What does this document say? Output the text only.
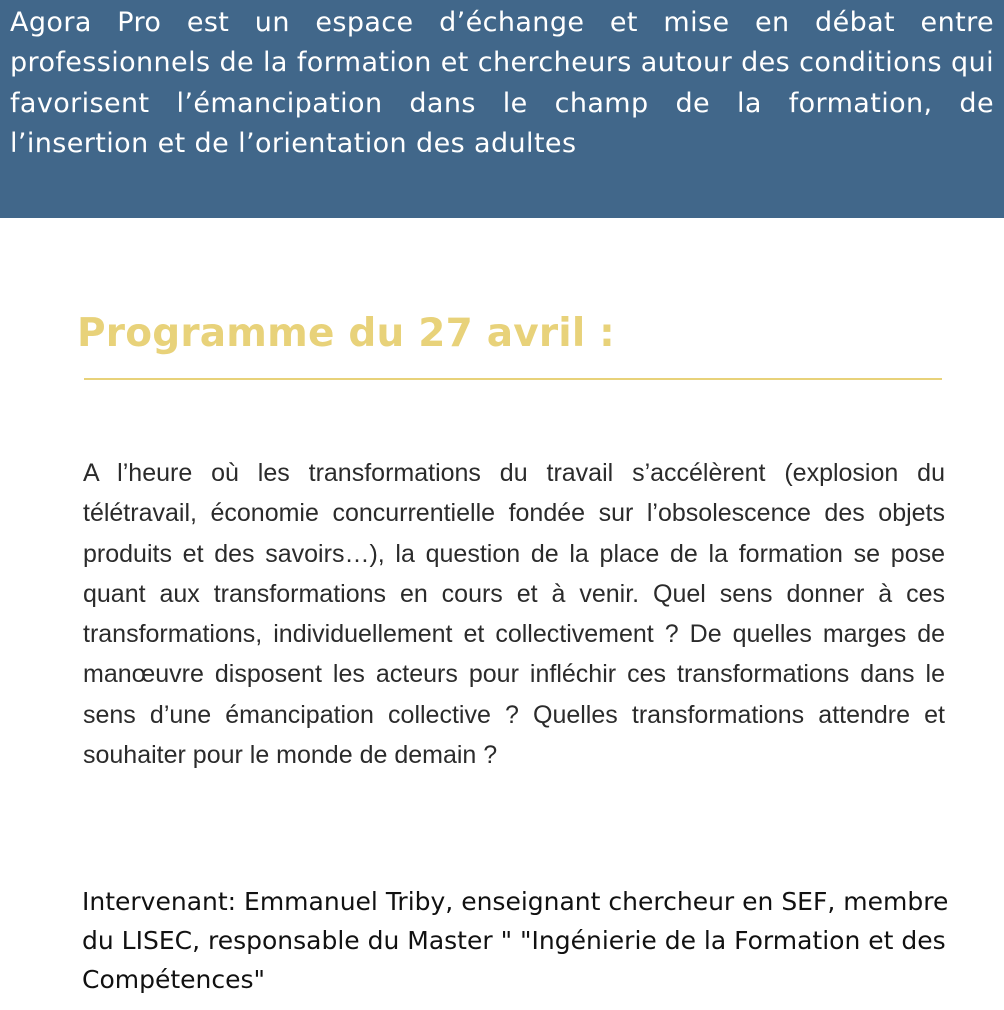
Agora Pro est un espace d’échange et mise en débat entre professionnels de la formation et chercheurs autour des conditions qui favorisent l’émancipation dans le champ de la formation, de l’insertion et de l’orientation des adultes

Programme du 27 avril :

A l’heure où les transformations du travail s’accélèrent (explosion du télétravail, économie concurrentielle fondée sur l’obsolescence des objets produits et des savoirs…), la question de la place de la formation se pose quant aux transformations en cours et à venir. Quel sens donner à ces transformations, individuellement et collectivement ? De quelles marges de manœuvre disposent les acteurs pour infléchir ces transformations dans le sens d’une émancipation collective ? Quelles transformations attendre et souhaiter pour le monde de demain ?

Intervenant: Emmanuel Triby, enseignant chercheur en SEF, membre du LISEC, responsable du Master " "Ingénierie de la Formation et des Compétences"
